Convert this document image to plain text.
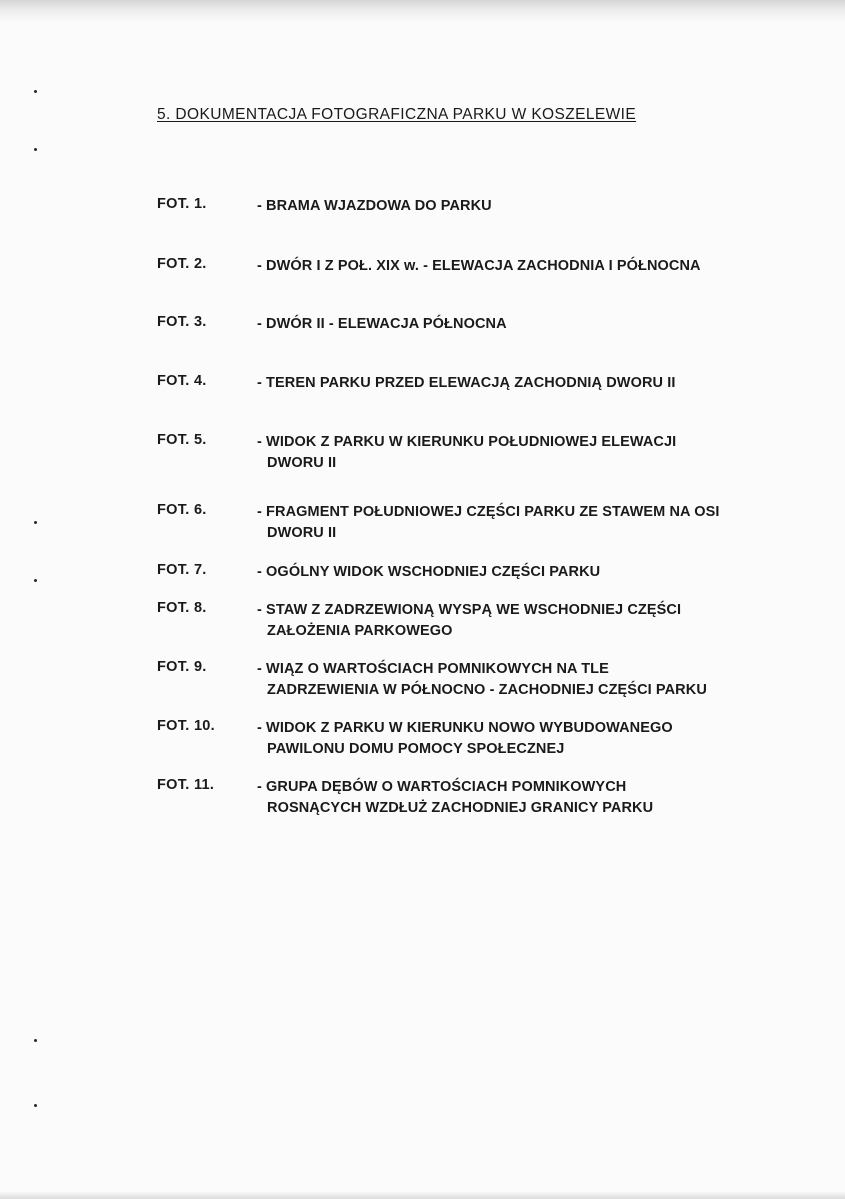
5. DOKUMENTACJA FOTOGRAFICZNA PARKU W KOSZELEWIE
FOT. 1.	- BRAMA WJAZDOWA DO PARKU
FOT. 2.	- DWÓR I Z POŁ. XIX w. - ELEWACJA ZACHODNIA I PÓŁNOCNA
FOT. 3.	- DWÓR II - ELEWACJA PÓŁNOCNA
FOT. 4.	- TEREN PARKU PRZED ELEWACJĄ ZACHODNIĄ DWORU II
FOT. 5.	- WIDOK Z PARKU W KIERUNKU POŁUDNIOWEJ ELEWACJI
DWORU II
FOT. 6.	- FRAGMENT POŁUDNIOWEJ CZĘŚCI PARKU ZE STAWEM NA OSI
DWORU II
FOT. 7.	- OGÓLNY WIDOK WSCHODNIEJ CZĘŚCI PARKU
FOT. 8.	- STAW Z ZADRZEWIONĄ WYSPĄ WE WSCHODNIEJ CZĘŚCI
ZAŁOŻENIA PARKOWEGO
FOT. 9.	- WIĄZ O WARTOŚCIACH POMNIKOWYCH NA TLE
ZADRZEWIENIA W PÓŁNOCNO - ZACHODNIEJ CZĘŚCI PARKU
FOT. 10.	- WIDOK Z PARKU W KIERUNKU NOWO WYBUDOWANEGO
PAWILONU DOMU POMOCY SPOŁECZNEJ
FOT. 11.	- GRUPA DĘBÓW O WARTOŚCIACH POMNIKOWYCH
ROSNĄCYCH WZDŁUŻ ZACHODNIEJ GRANICY PARKU
